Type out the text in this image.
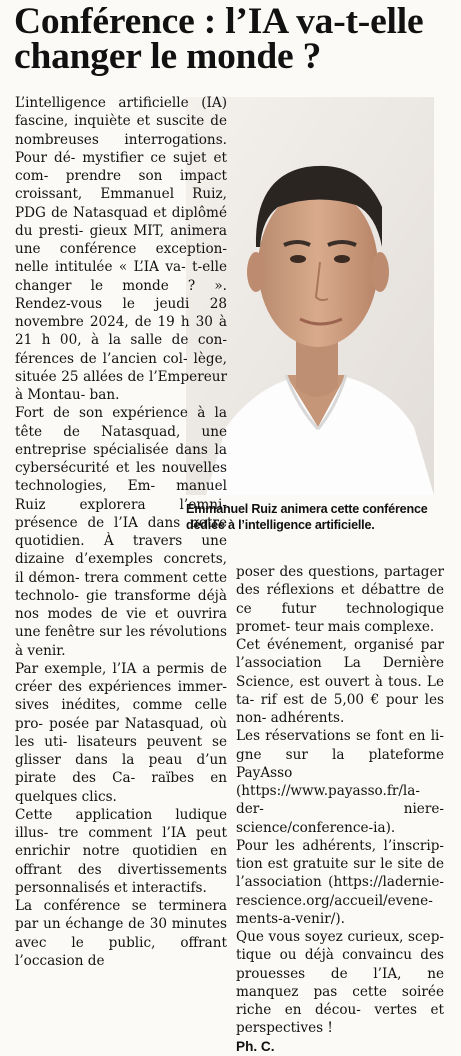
Conférence : l’IA va-t-elle
changer le monde ?
Emmanuel Ruiz animera cette conférence
dédiée à l’intelligence artificielle.

L’intelligence artificielle (IA) fascine, inquiète et suscite de nombreuses interrogations. Pour dé- mystifier ce sujet et com- prendre son impact croissant, Emmanuel Ruiz, PDG de Natasquad et diplômé du presti- gieux MIT, animera une conférence exception- nelle intitulée « L’IA va- t-elle changer le monde ? ». Rendez-vous le jeudi 28 novembre 2024, de 19 h 30 à 21 h 00, à la salle de con- férences de l’ancien col- lège, située 25 allées de l’Empereur à Montau- ban.

Fort de son expérience à la tête de Natasquad, une entreprise spécialisée dans la cybersécurité et les nouvelles technologies, Em- manuel Ruiz explorera l’omni- présence de l’IA dans notre quotidien. À travers une dizaine d’exemples concrets, il démon- trera comment cette technolo- gie transforme déjà nos modes de vie et ouvrira une fenêtre sur les révolutions à venir.

Par exemple, l’IA a permis de créer des expériences immer- sives inédites, comme celle pro- posée par Natasquad, où les uti- lisateurs peuvent se glisser dans la peau d’un pirate des Ca- raïbes en quelques clics.

Cette application ludique illus- tre comment l’IA peut enrichir notre quotidien en offrant des divertissements personnalisés et interactifs.

La conférence se terminera par un échange de 30 minutes avec le public, offrant l’occasion de

poser des questions, partager des réflexions et débattre de ce futur technologique promet- teur mais complexe.

Cet événement, organisé par l’association La Dernière Science, est ouvert à tous. Le ta- rif est de 5,00 € pour les non- adhérents.

Les réservations se font en li- gne sur la plateforme PayAsso (https://www.payasso.fr/la-der-	niere-science/conference-ia).

Pour les adhérents, l’inscrip- tion est gratuite sur le site de l’association (https://ladernie- rescience.org/accueil/evene- ments-a-venir/).

Que vous soyez curieux, scep- tique ou déjà convaincu des prouesses de l’IA, ne manquez pas cette soirée riche en décou- vertes et perspectives !

Ph. C.
